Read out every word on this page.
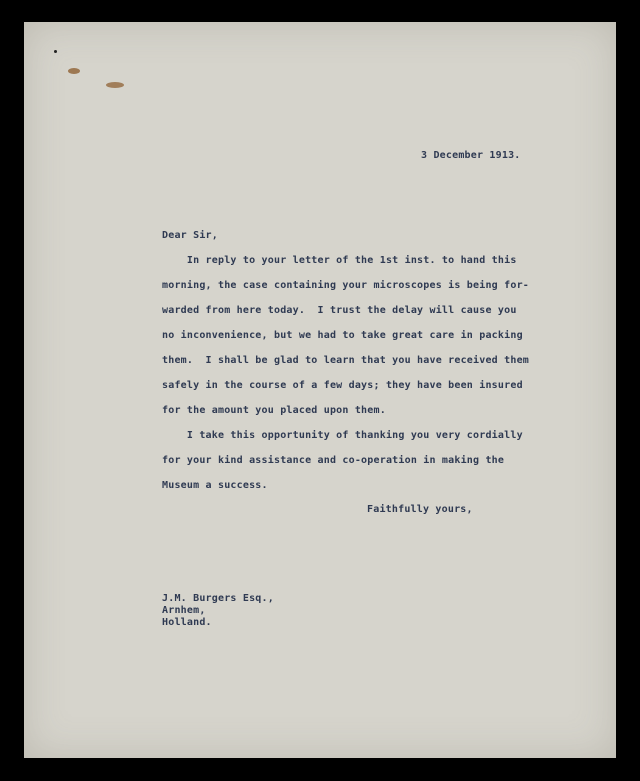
3 December 1913.
Dear Sir,
In reply to your letter of the 1st inst. to hand this
morning, the case containing your microscopes is being for-
warded from here today.  I trust the delay will cause you
no inconvenience, but we had to take great care in packing
them.  I shall be glad to learn that you have received them
safely in the course of a few days; they have been insured
for the amount you placed upon them.
I take this opportunity of thanking you very cordially
for your kind assistance and co-operation in making the
Museum a success.
Faithfully yours,
J.M. Burgers Esq.,
Arnhem,
Holland.
